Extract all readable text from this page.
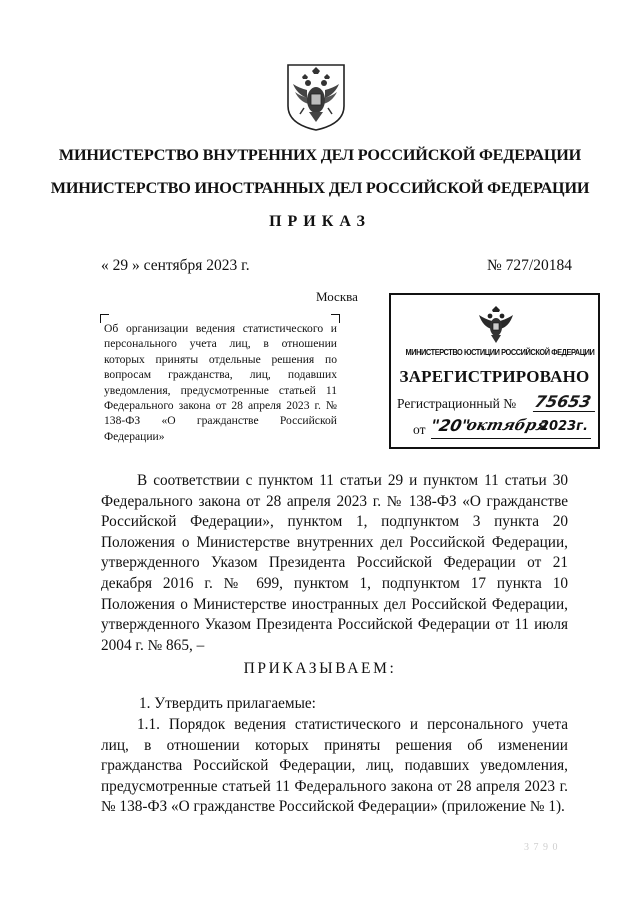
МИНИСТЕРСТВО ВНУТРЕННИХ ДЕЛ РОССИЙСКОЙ ФЕДЕРАЦИИ
МИНИСТЕРСТВО ИНОСТРАННЫХ ДЕЛ РОССИЙСКОЙ ФЕДЕРАЦИИ
ПРИКАЗ
« 29 » сентября 2023 г.	№ 727/20184
Москва
Об организации ведения статистического и персонального учета лиц, в отношении которых приняты отдельные решения по вопросам гражданства, лиц, подавших уведомления, предусмотренные статьей 11 Федерального закона от 28 апреля 2023 г. № 138-ФЗ «О гражданстве Российской Федерации»
МИНИСТЕРСТВО ЮСТИЦИИ РОССИЙСКОЙ ФЕДЕРАЦИИ
ЗАРЕГИСТРИРОВАНО
Регистрационный № 75653
от "20"
октября
2023г.
В соответствии с пунктом 11 статьи 29 и пунктом 11 статьи 30 Федерального закона от 28 апреля 2023 г. № 138-ФЗ «О гражданстве Российской Федерации», пунктом 1, подпунктом 3 пункта 20 Положения о Министерстве внутренних дел Российской Федерации, утвержденного Указом Президента Российской Федерации от 21 декабря 2016 г. № 699, пунктом 1, подпунктом 17 пункта 10 Положения о Министерстве иностранных дел Российской Федерации, утвержденного Указом Президента Российской Федерации от 11 июля 2004 г. № 865, –
ПРИКАЗЫВАЕМ:
1. Утвердить прилагаемые:
1.1. Порядок ведения статистического и персонального учета лиц, в отношении которых приняты решения об изменении гражданства Российской Федерации, лиц, подавших уведомления, предусмотренные статьей 11 Федерального закона от 28 апреля 2023 г. № 138-ФЗ «О гражданстве Российской Федерации» (приложение № 1).
3 7 9 0
